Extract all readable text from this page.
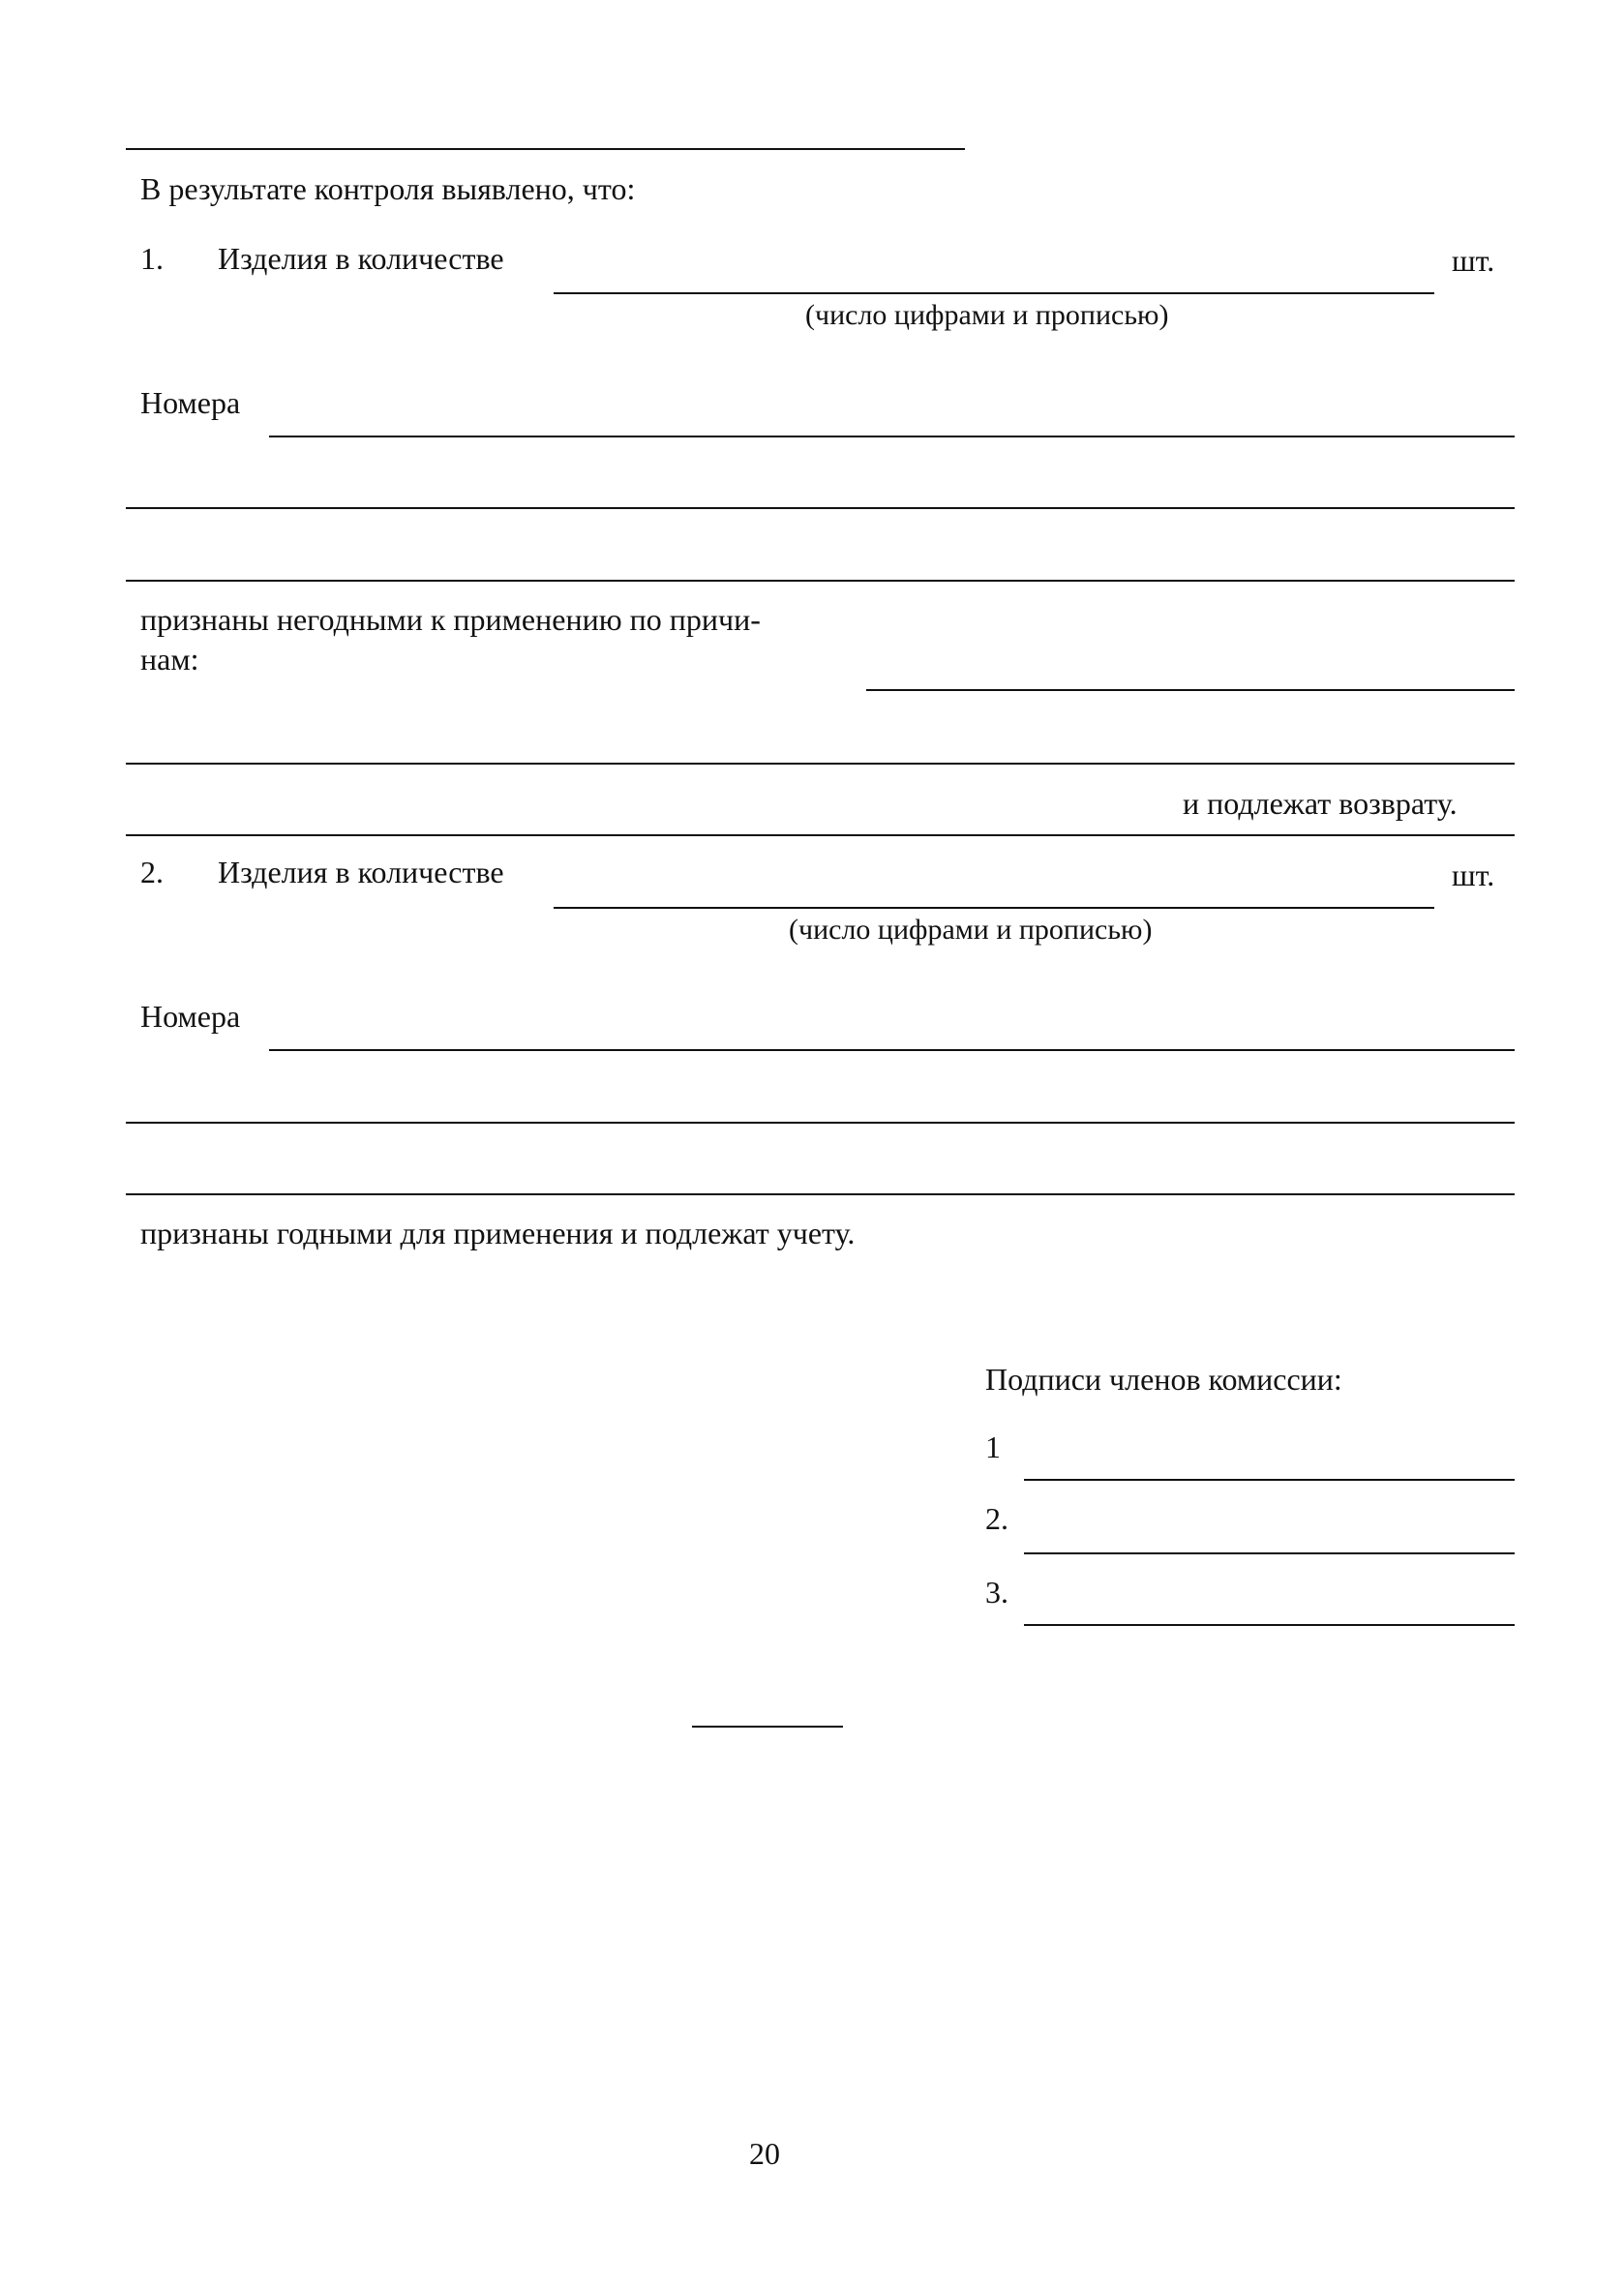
В результате контроля выявлено, что:
1. Изделия в количестве	шт.
(число цифрами и прописью)
Номера
признаны негодными к применению по причи-
нам:
и подлежат возврату.
2. Изделия в количестве	шт.
(число цифрами и прописью)
Номера
признаны годными для применения и подлежат учету.
Подписи членов комиссии:
1
2.
3.
20
